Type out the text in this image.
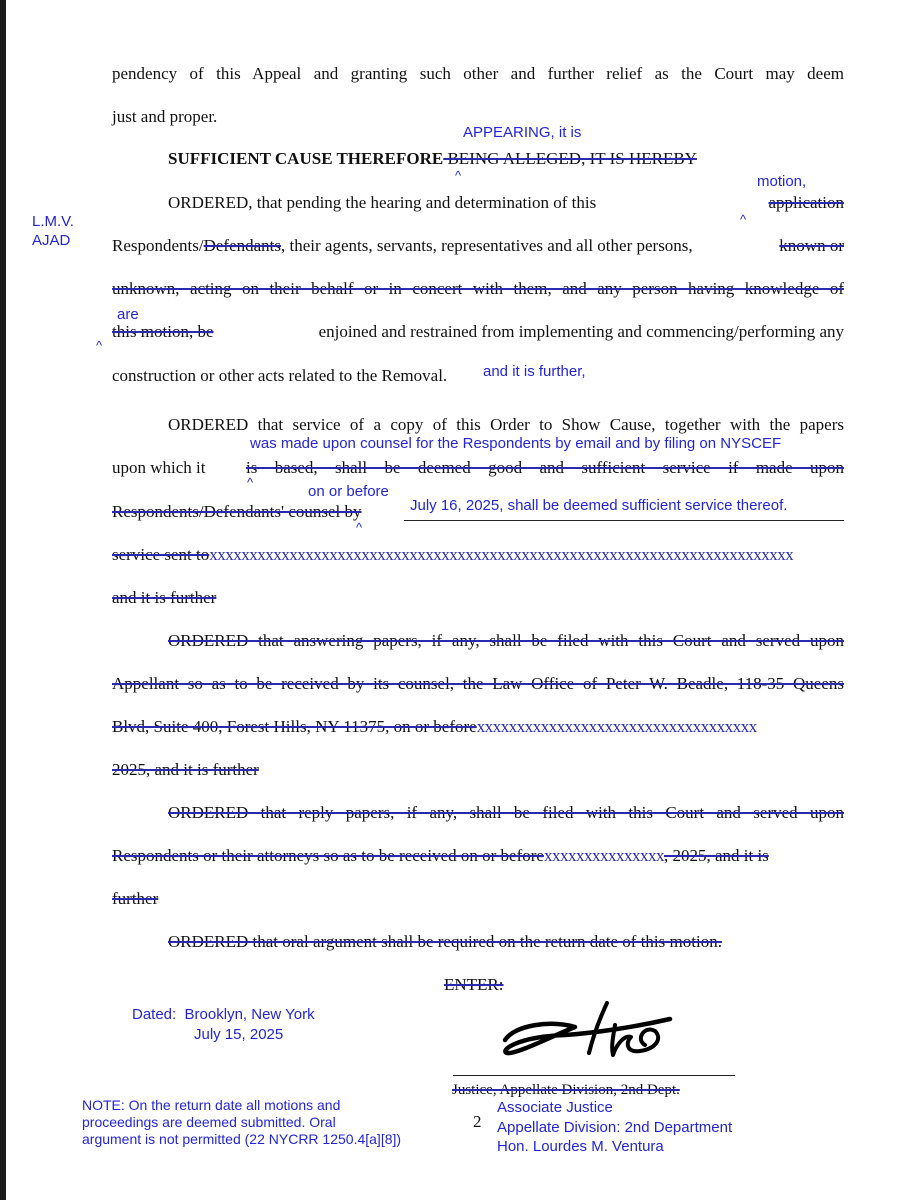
pendency of this Appeal and granting such other and further relief as the Court may deem
just and proper.
APPEARING, it is
SUFFICIENT CAUSE THEREFORE BEING ALLEGED, IT IS HEREBY
^	motion,
ORDERED, that pending the hearing and determination of this	application
^
L.M.V.
AJAD Respondents/Defendants, their agents, servants, representatives and all other persons,	known or
unknown, acting on their behalf or in concert with them, and any person having knowledge of
are
this motion, be	enjoined and restrained from implementing and commencing/performing any
^
construction or other acts related to the Removal. and it is further,
ORDERED that service of a copy of this Order to Show Cause, together with the papers
was made upon counsel for the Respondents by email and by filing on NYSCEF
upon which it is based, shall be deemed good and sufficient service if made upon
^
on or before
Respondents/Defendants' counsel by	July 16, 2025, shall be deemed sufficient service thereof.
^
service sent toxxxxxxxxxxxxxxxxxxxxxxxxxxxxxxxxxxxxxxxxxxxxxxxxxxxxxxxxxxxxxxxxxxxxxxxxx
and it is further
ORDERED that answering papers, if any, shall be filed with this Court and served upon
Appellant so as to be received by its counsel, the Law Office of Peter W. Beadle, 118-35 Queens
Blvd, Suite 400, Forest Hills, NY 11375, on or beforexxxxxxxxxxxxxxxxxxxxxxxxxxxxxxxxxxx
2025, and it is further
ORDERED that reply papers, if any, shall be filed with this Court and served upon
Respondents or their attorneys so as to be received on or beforexxxxxxxxxxxxxxx, 2025, and it is
further
ORDERED that oral argument shall be required on the return date of this motion.
ENTER:
Dated: Brooklyn, New York
July 15, 2025
Justice, Appellate Division, 2nd Dept.
2
Associate Justice
Appellate Division: 2nd Department
Hon. Lourdes M. Ventura
NOTE: On the return date all motions and
proceedings are deemed submitted. Oral
argument is not permitted (22 NYCRR 1250.4[a][8])
